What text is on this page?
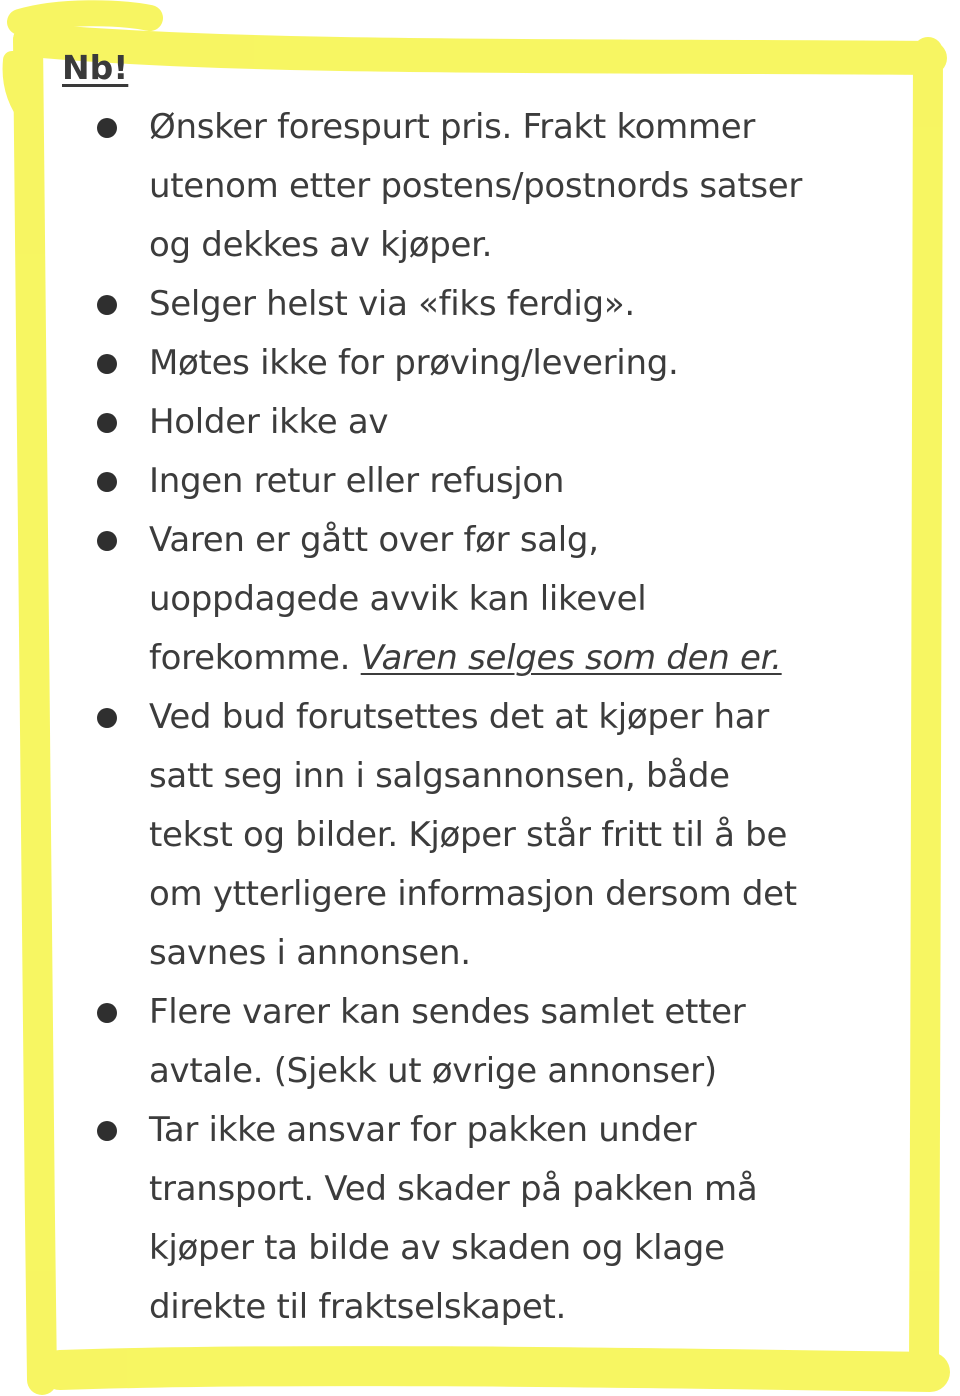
Nb!
Ønsker forespurt pris. Frakt kommer
utenom etter postens/postnords satser
og dekkes av kjøper.
Selger helst via «fiks ferdig».
Møtes ikke for prøving/levering.
Holder ikke av
Ingen retur eller refusjon
Varen er gått over før salg,
uoppdagede avvik kan likevel
forekomme. Varen selges som den er.
Ved bud forutsettes det at kjøper har
satt seg inn i salgsannonsen, både
tekst og bilder. Kjøper står fritt til å be
om ytterligere informasjon dersom det
savnes i annonsen.
Flere varer kan sendes samlet etter
avtale. (Sjekk ut øvrige annonser)
Tar ikke ansvar for pakken under
transport. Ved skader på pakken må
kjøper ta bilde av skaden og klage
direkte til fraktselskapet.
